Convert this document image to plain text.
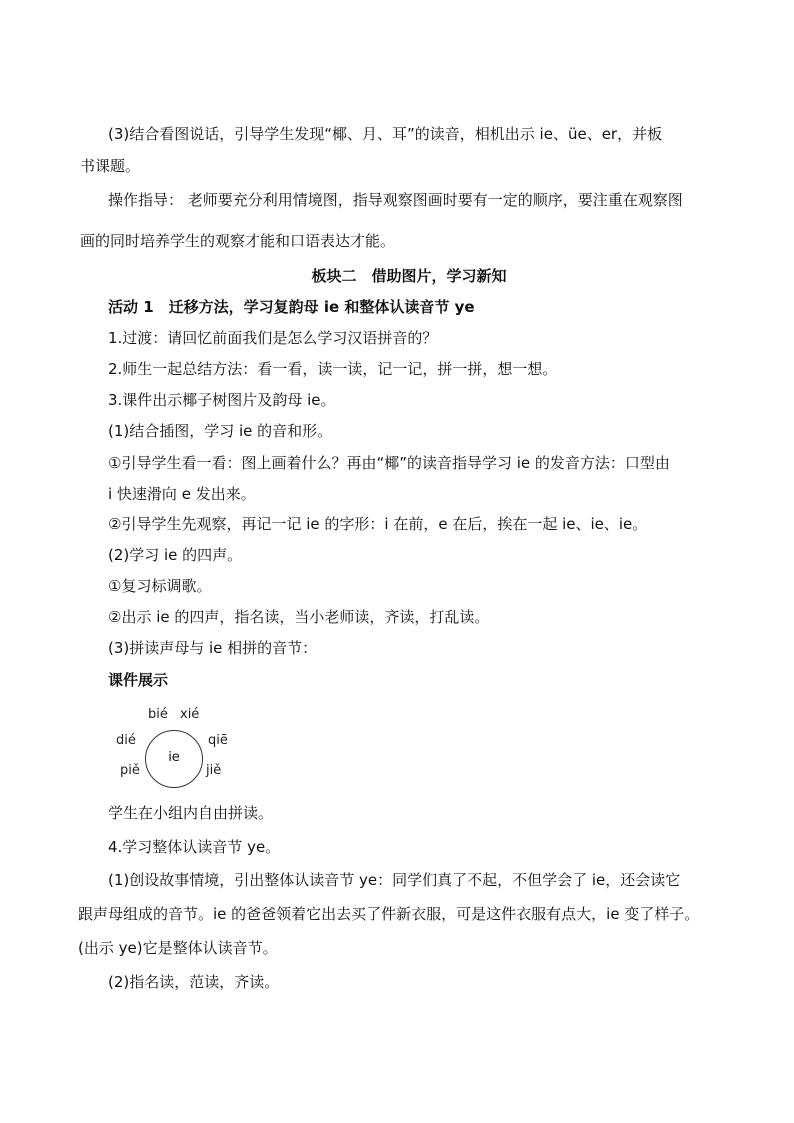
(3)结合看图说话，引导学生发现“椰、月、耳”的读音，相机出示 ie、üe、er，并板
书课题。
操作指导： 老师要充分利用情境图，指导观察图画时要有一定的顺序，要注重在观察图
画的同时培养学生的观察才能和口语表达才能。
板块二　借助图片，学习新知
活动 1　迁移方法，学习复韵母 ie 和整体认读音节 ye
1.过渡：请回忆前面我们是怎么学习汉语拼音的？
2.师生一起总结方法：看一看，读一读，记一记，拼一拼，想一想。
3.课件出示椰子树图片及韵母 ie。
(1)结合插图，学习 ie 的音和形。
①引导学生看一看：图上画着什么？再由“椰”的读音指导学习 ie 的发音方法：口型由
i 快速滑向 e 发出来。
②引导学生先观察，再记一记 ie 的字形：i 在前，e 在后，挨在一起 ie、ie、ie。
(2)学习 ie 的四声。
①复习标调歌。
②出示 ie 的四声，指名读，当小老师读，齐读，打乱读。
(3)拼读声母与 ie 相拼的音节：
课件展示
bié xié
dié	qiē
piě	jiě
ie
学生在小组内自由拼读。
4.学习整体认读音节 ye。
(1)创设故事情境，引出整体认读音节 ye：同学们真了不起，不但学会了 ie，还会读它
跟声母组成的音节。ie 的爸爸领着它出去买了件新衣服，可是这件衣服有点大，ie 变了样子。
(出示 ye)它是整体认读音节。
(2)指名读，范读，齐读。
